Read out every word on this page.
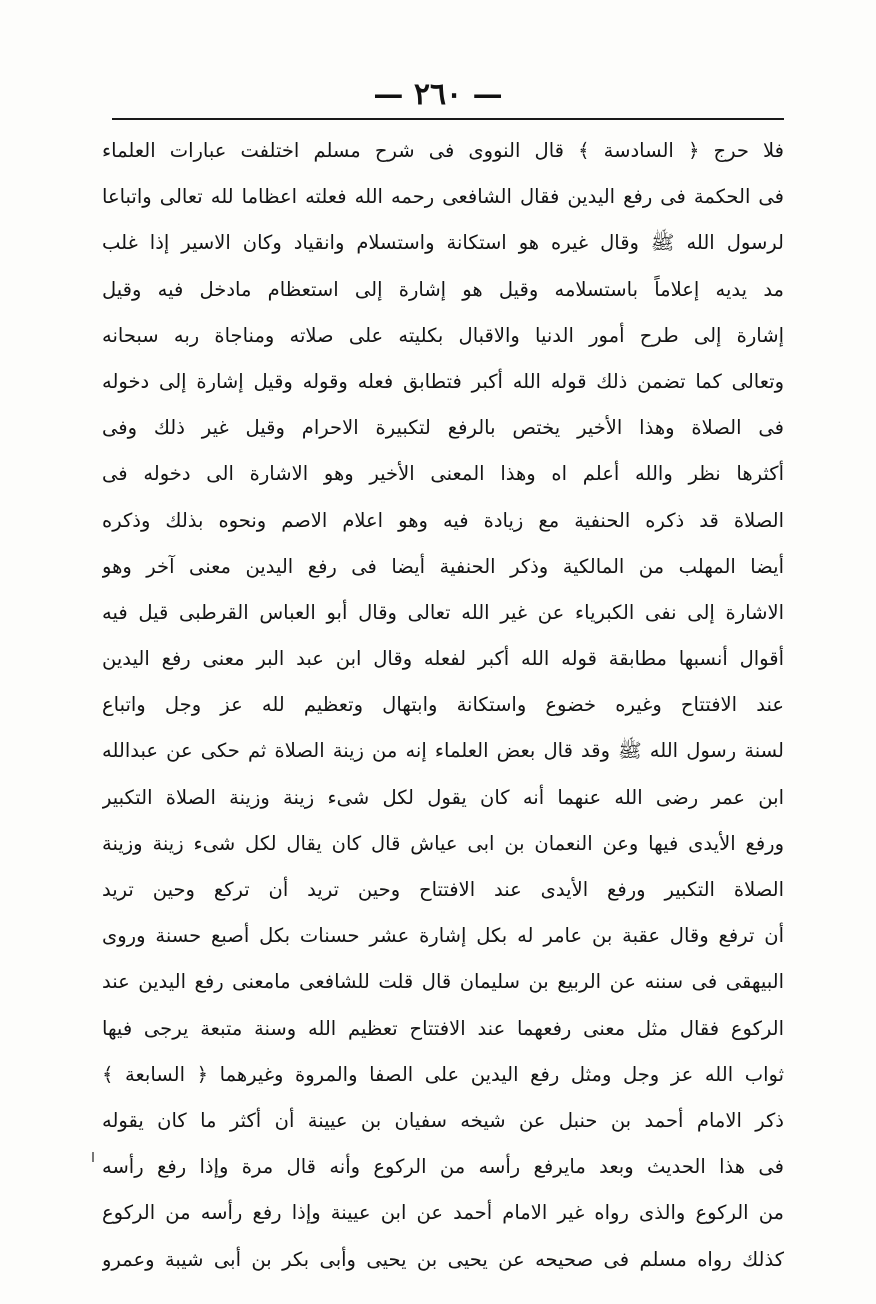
— ٢٦٠ —
فلا حرج ﴿ السادسة ﴾ قال النووى فى شرح مسلم اختلفت عبارات العلماء
فى الحكمة فى رفع اليدين فقال الشافعى رحمه الله فعلته اعظاما لله تعالى واتباعا
لرسول الله ﷺ وقال غيره هو استكانة واستسلام وانقياد وكان الاسير إذا غلب
مد يديه إعلاماً باستسلامه وقيل هو إشارة إلى استعظام مادخل فيه وقيل
إشارة إلى طرح أمور الدنيا والاقبال بكليته على صلاته ومناجاة ربه سبحانه
وتعالى كما تضمن ذلك قوله الله أكبر فتطابق فعله وقوله وقيل إشارة إلى دخوله
فى الصلاة وهذا الأخير يختص بالرفع لتكبيرة الاحرام وقيل غير ذلك وفى
أكثرها نظر والله أعلم اه وهذا المعنى الأخير وهو الاشارة الى دخوله فى
الصلاة قد ذكره الحنفية مع زيادة فيه وهو اعلام الاصم ونحوه بذلك وذكره
أيضا المهلب من المالكية وذكر الحنفية أيضا فى رفع اليدين معنى آخر وهو
الاشارة إلى نفى الكبرياء عن غير الله تعالى وقال أبو العباس القرطبى قيل فيه
أقوال أنسبها مطابقة قوله الله أكبر لفعله وقال ابن عبد البر معنى رفع اليدين
عند الافتتاح وغيره خضوع واستكانة وابتهال وتعظيم لله عز وجل واتباع
لسنة رسول الله ﷺ وقد قال بعض العلماء إنه من زينة الصلاة ثم حكى عن عبدالله
ابن عمر رضى الله عنهما أنه كان يقول لكل شىء زينة وزينة الصلاة التكبير
ورفع الأيدى فيها وعن النعمان بن ابى عياش قال كان يقال لكل شىء زينة وزينة
الصلاة التكبير ورفع الأيدى عند الافتتاح وحين تريد أن تركع وحين تريد
أن ترفع وقال عقبة بن عامر له بكل إشارة عشر حسنات بكل أصبع حسنة وروى
البيهقى فى سننه عن الربيع بن سليمان قال قلت للشافعى مامعنى رفع اليدين عند
الركوع فقال مثل معنى رفعهما عند الافتتاح تعظيم الله وسنة متبعة يرجى فيها
ثواب الله عز وجل ومثل رفع اليدين على الصفا والمروة وغيرهما ﴿ السابعة ﴾
ذكر الامام أحمد بن حنبل عن شيخه سفيان بن عيينة أن أكثر ما كان يقوله
فى هذا الحديث وبعد مايرفع رأسه من الركوع وأنه قال مرة وإذا رفع رأسه
من الركوع والذى رواه غير الامام أحمد عن ابن عيينة وإذا رفع رأسه من الركوع
كذلك رواه مسلم فى صحيحه عن يحيى بن يحيى وأبى بكر بن أبى شيبة وعمرو
